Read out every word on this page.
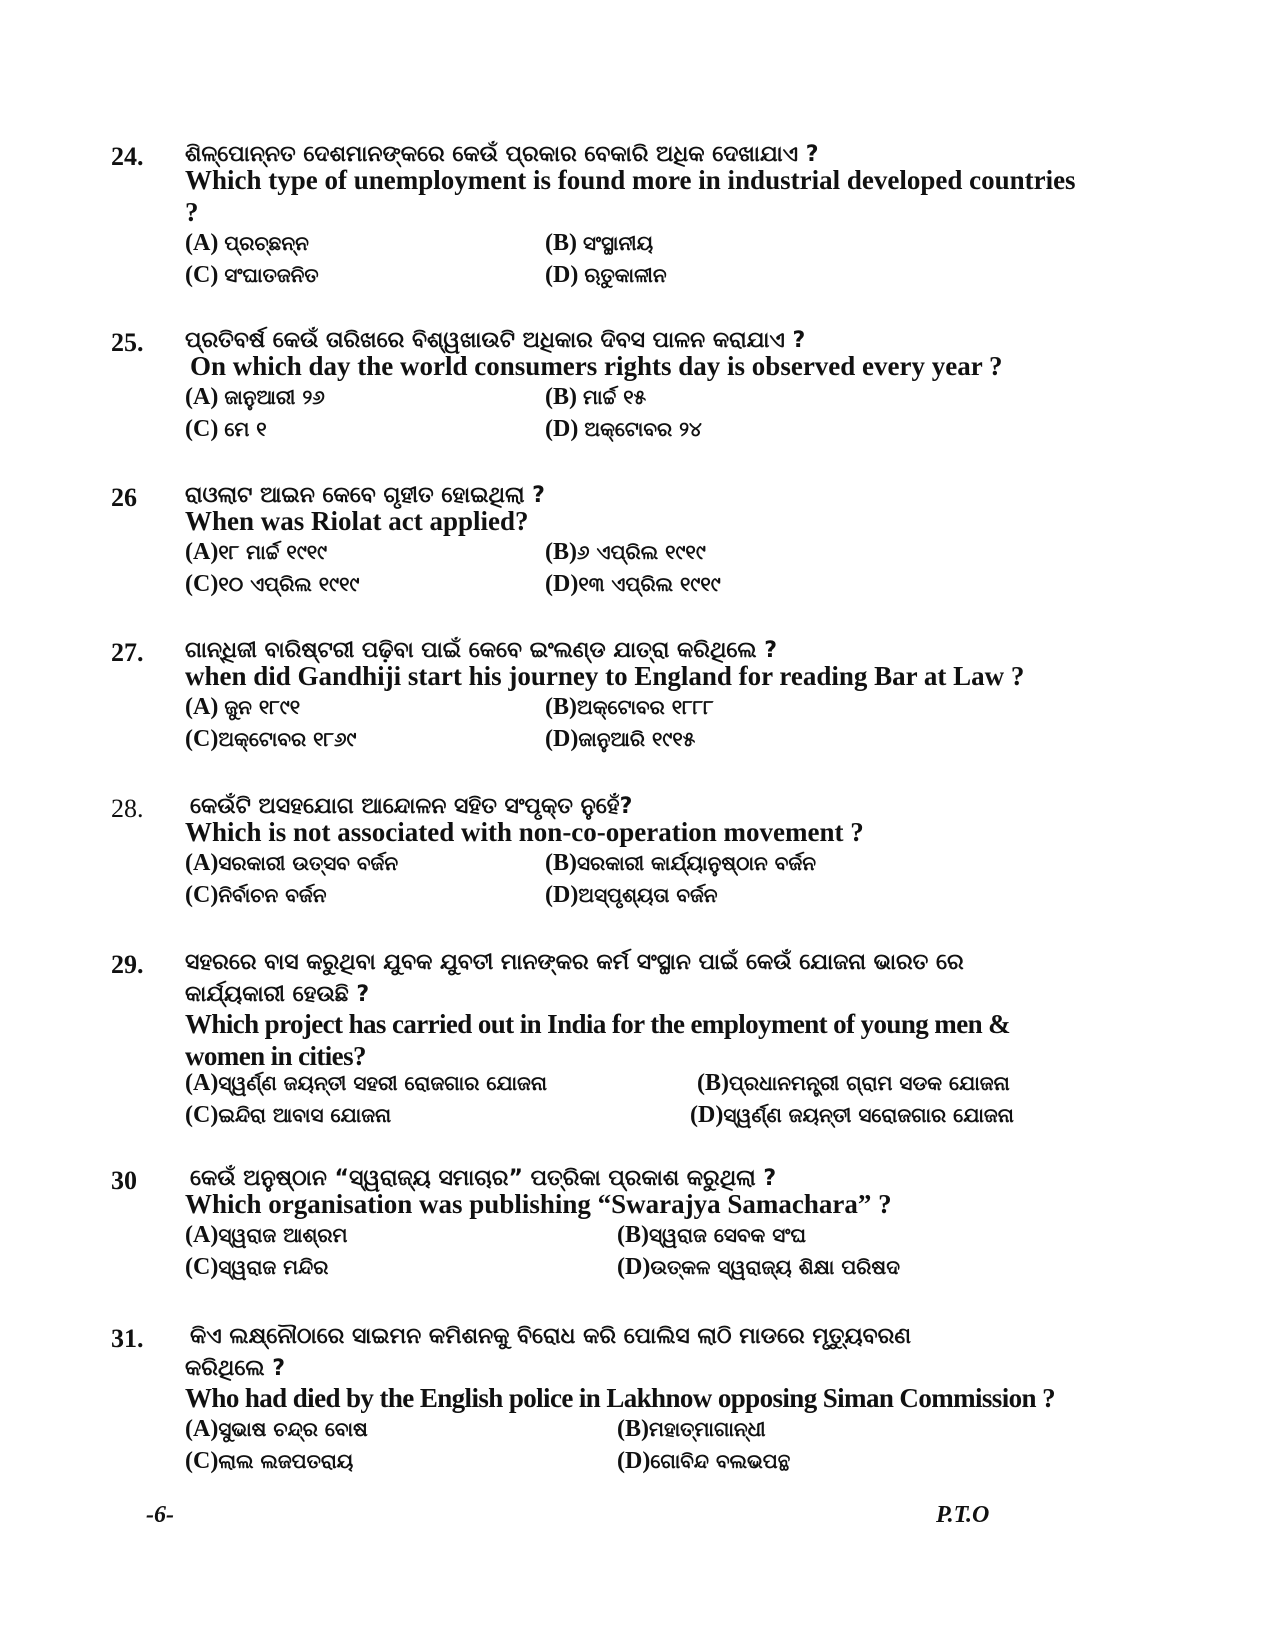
24. ଶିଳ୍ପୋନ୍ନତ ଦେଶମାନଙ୍କରେ କେଉଁ ପ୍ରକାର ବେକାରି ଅଧିକ ଦେଖାଯାଏ ?
Which type of unemployment is found more in industrial developed countries ?
(A) ପ୍ରଚ୍ଛନ୍ନ	(B) ସଂସ୍ଥାନୀୟ
(C) ସଂଘାତଜନିତ	(D) ଋତୁକାଳୀନ
25. ପ୍ରତିବର୍ଷ କେଉଁ ତାରିଖରେ ବିଶ୍ୱଖାଉଟି ଅଧିକାର ଦିବସ ପାଳନ କରାଯାଏ ?
On which day the world consumers rights day is observed every year ?
(A) ଜାନୁଆରୀ ୨୬	(B) ମାର୍ଚ୍ଚ ୧୫
(C) ମେ ୧	(D) ଅକ୍ଟୋବର ୨୪
26 ରାଓଲାଟ ଆଇନ କେବେ ଗୃହୀତ ହୋଇଥିଲା ?
When was Riolat act applied?
(A)୧୮ ମାର୍ଚ୍ଚ ୧୯୧୯	(B)୬ ଏପ୍ରିଲ ୧୯୧୯
(C)୧୦ ଏପ୍ରିଲ ୧୯୧୯	(D)୧୩ ଏପ୍ରିଲ ୧୯୧୯
27. ଗାନ୍ଧିଜୀ ବାରିଷ୍ଟରୀ ପଢ଼ିବା ପାଇଁ କେବେ ଇଂଲଣ୍ଡ ଯାତ୍ରା କରିଥିଲେ ?
when did Gandhiji start his journey to England for reading Bar at Law ?
(A) ଜୁନ ୧୮୯୧	(B)ଅକ୍ଟୋବର ୧୮୮୮
(C)ଅକ୍ଟୋବର ୧୮୬୯	(D)ଜାନୁଆରି ୧୯୧୫
28. କେଉଁଟି ଅସହଯୋଗ ଆନ୍ଦୋଳନ ସହିତ ସଂପୃକ୍ତ ନୁହେଁ?
Which is not associated with non-co-operation movement ?
(A)ସରକାରୀ ଉତ୍ସବ ବର୍ଜନ	(B)ସରକାରୀ କାର୍ଯ୍ୟାନୁଷ୍ଠାନ ବର୍ଜନ
(C)ନିର୍ବାଚନ ବର୍ଜନ	(D)ଅସ୍ପୃଶ୍ୟତା ବର୍ଜନ
29. ସହରରେ ବାସ କରୁଥିବା ଯୁବକ ଯୁବତୀ ମାନଙ୍କର କର୍ମ ସଂସ୍ଥାନ ପାଇଁ କେଉଁ ଯୋଜନା ଭାରତ ରେ
କାର୍ଯ୍ୟକାରୀ ହେଉଛି ?
Which project has carried out in India for the employment of young men & women in cities?
(A)ସ୍ୱର୍ଣ୍ଣ ଜୟନ୍ତୀ ସହରୀ ରୋଜଗାର ଯୋଜନା	(B)ପ୍ରଧାନମନ୍ତ୍ରୀ ଗ୍ରାମ ସଡକ ଯୋଜନା
(C)ଇନ୍ଦିରା ଆବାସ ଯୋଜନା	(D)ସ୍ୱର୍ଣ୍ଣ ଜୟନ୍ତୀ ସରୋଜଗାର ଯୋଜନା
30 କେଉଁ ଅନୁଷ୍ଠାନ “ସ୍ୱରାଜ୍ୟ ସମାଚାର” ପତ୍ରିକା ପ୍ରକାଶ କରୁଥିଲା ?
Which organisation was publishing “Swarajya Samachara” ?
(A)ସ୍ୱରାଜ ଆଶ୍ରମ	(B)ସ୍ୱରାଜ ସେବକ ସଂଘ
(C)ସ୍ୱରାଜ ମନ୍ଦିର	(D)ଉତ୍କଳ ସ୍ୱରାଜ୍ୟ ଶିକ୍ଷା ପରିଷଦ
31. କିଏ ଲକ୍ଷ୍ନୌଠାରେ ସାଇମନ କମିଶନକୁ ବିରୋଧ କରି ପୋଲିସ ଲାଠି ମାଡରେ ମୃତ୍ୟୁବରଣ
କରିଥିଲେ ?
Who had died by the English police in Lakhnow opposing Siman Commission ?
(A)ସୁଭାଷ ଚନ୍ଦ୍ର ବୋଷ	(B)ମହାତ୍ମାଗାନ୍ଧୀ
(C)ଲାଲ ଲଜପତରାୟ	(D)ଗୋବିନ୍ଦ ବଲଭପନ୍ଥ
-6-	P.T.O
